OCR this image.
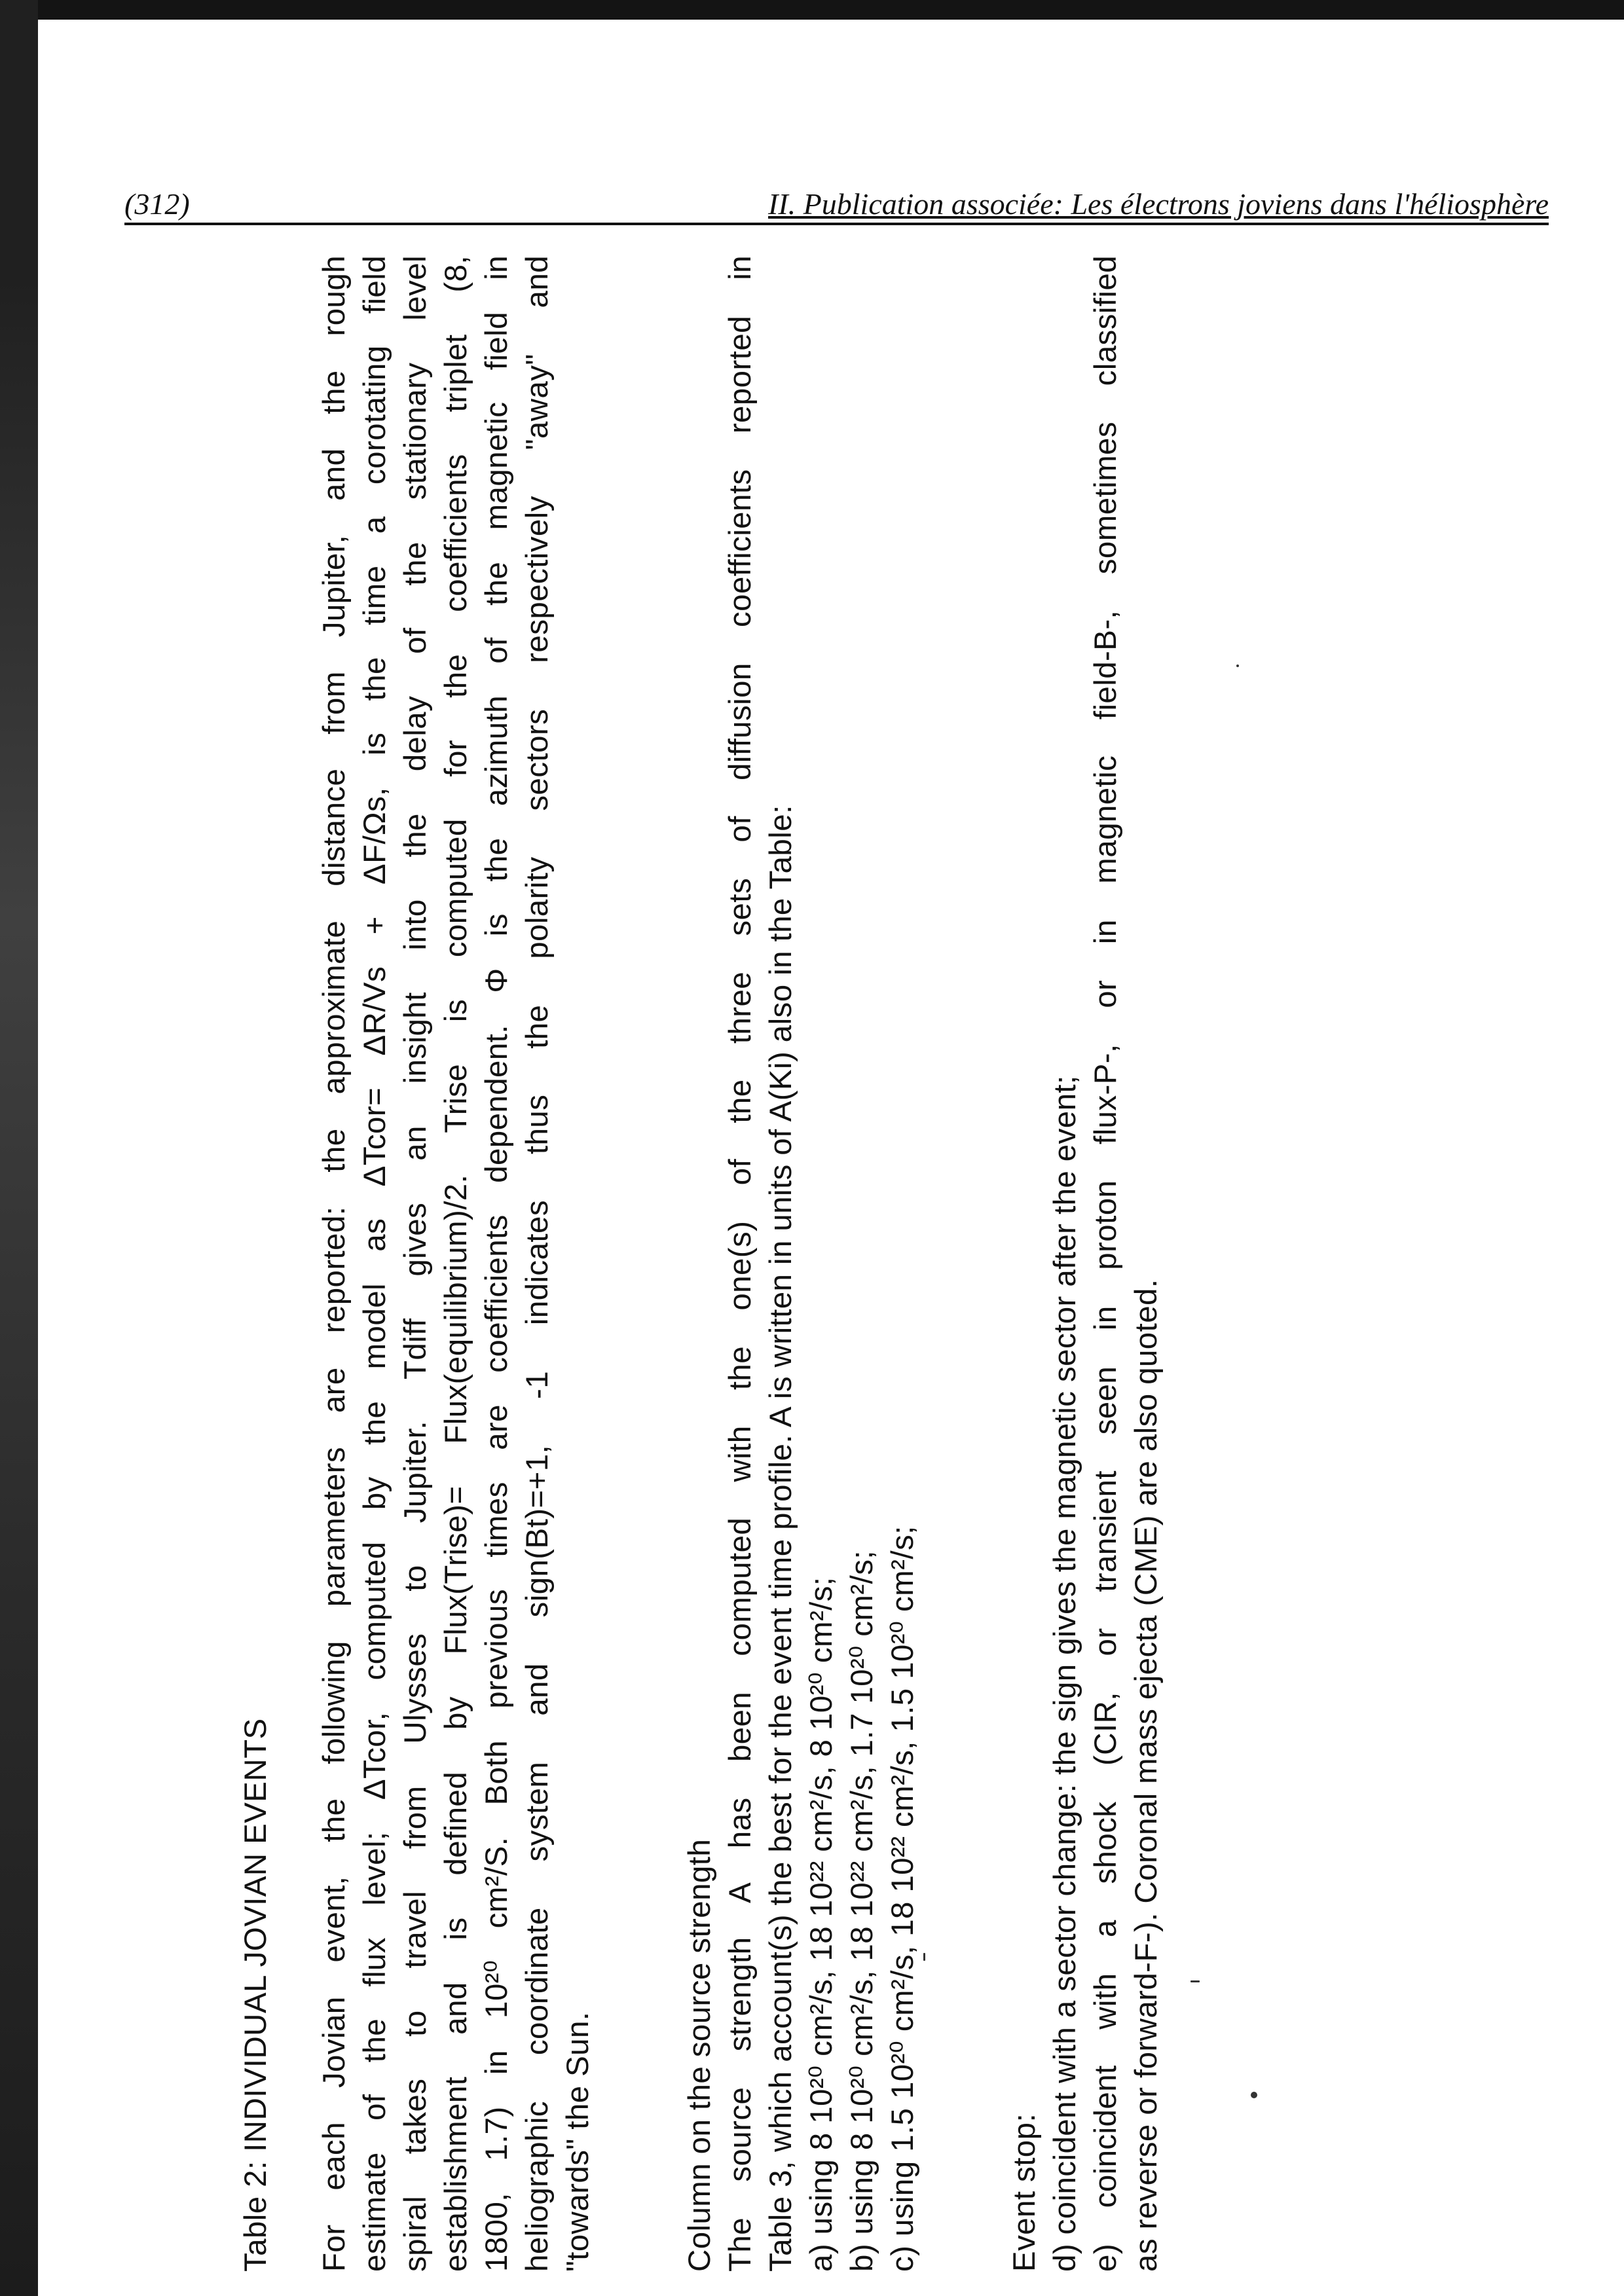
(312)	II. Publication associée: Les électrons joviens dans l'héliosphère
Table 2: INDIVIDUAL JOVIAN EVENTS For each Jovian event, the following parameters are reported: the approximate distance from Jupiter, and the rough estimate of the flux level; ΔTcor, computed by the model as ΔTcor= ΔR/Vs + ΔF/Ωs, is the time a corotating field spiral takes to travel from Ulysses to Jupiter. Tdiff gives an insight into the delay of the stationary level establishment and is defined by Flux(Trise)= Flux(equilibrium)/2. Trise is computed for the coefficients triplet (8, 1800, 1.7) in 10²⁰ cm²/S. Both previous times are coefficients dependent. Φ is the azimuth of the magnetic field in heliographic coordinate system and sign(Bt)=+1, -1 indicates thus the polarity sectors respectively "away" and "towards" the Sun.	Column on the source strength The source strength A has been computed with the one(s) of the three sets of diffusion coefficients reported in Table 3, which account(s) the best for the event time profile. A is written in units of A(Ki) also in the Table: a) using 8 10²⁰ cm²/s, 18 10²² cm²/s, 8 10²⁰ cm²/s; b) using 8 10²⁰ cm²/s, 18 10²² cm²/s, 1.7 10²⁰ cm²/s; c) using 1.5 10²⁰ cm²/s, 18 10²² cm²/s, 1.5 10²⁰ cm²/s;	Event stop: d) coincident with a sector change: the sign gives the magnetic sector after the event; e) coincident with a shock (CIR, or transient seen in proton flux-P-, or in magnetic field-B-, sometimes classified as reverse or forward-F-). Coronal mass ejecta (CME) are also quoted.
